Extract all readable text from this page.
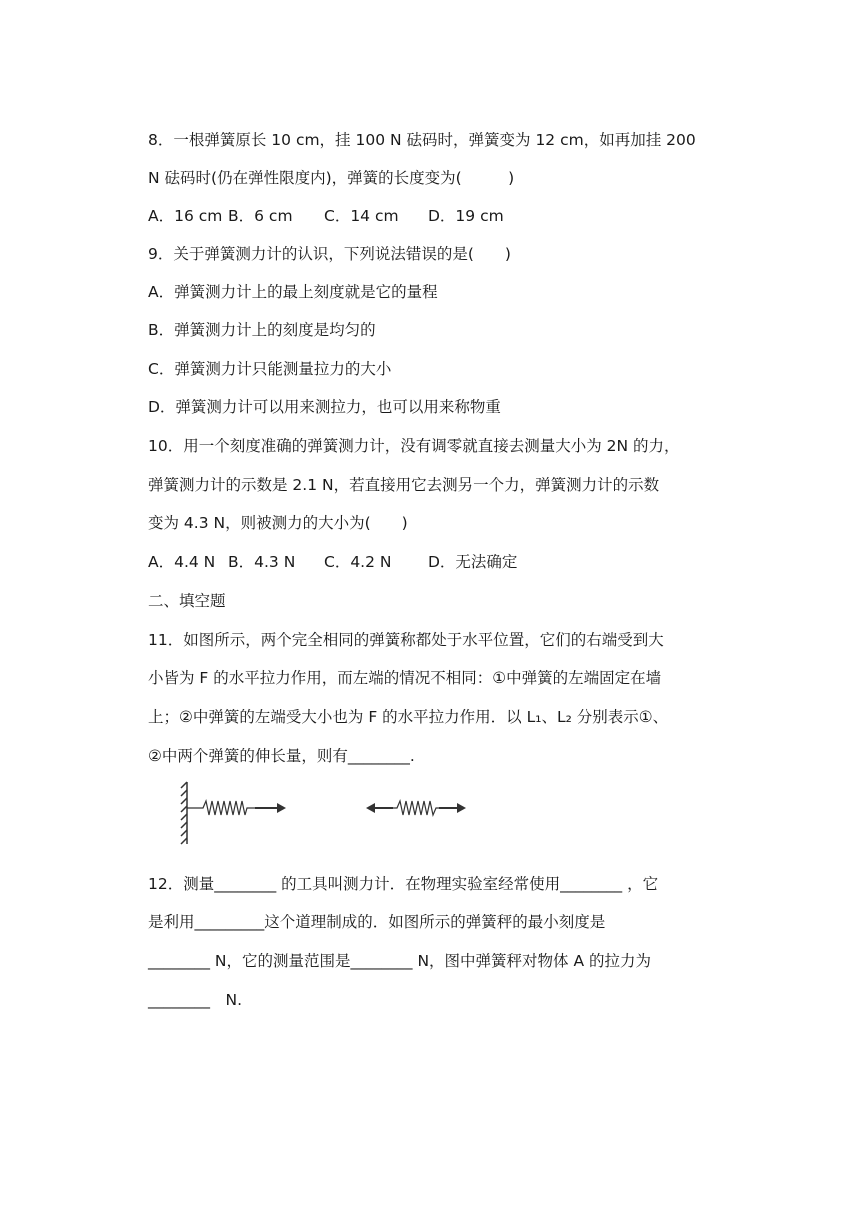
8．一根弹簧原长 10 cm，挂 100 N 砝码时，弹簧变为 12 cm，如再加挂 200
N 砝码时(仍在弹性限度内)，弹簧的长度变为(　　　)
A．16 cm B．6 cm C．14 cm D．19 cm
9．关于弹簧测力计的认识，下列说法错误的是(　　)
A．弹簧测力计上的最上刻度就是它的量程
B．弹簧测力计上的刻度是均匀的
C．弹簧测力计只能测量拉力的大小
D．弹簧测力计可以用来测拉力，也可以用来称物重
10．用一个刻度准确的弹簧测力计，没有调零就直接去测量大小为 2N 的力，
弹簧测力计的示数是 2.1 N，若直接用它去测另一个力，弹簧测力计的示数
变为 4.3 N，则被测力的大小为(　　)
A．4.4 N B．4.3 N C．4.2 N D．无法确定
二、填空题
11．如图所示，两个完全相同的弹簧称都处于水平位置，它们的右端受到大
小皆为 F 的水平拉力作用，而左端的情况不相同：①中弹簧的左端固定在墙
上；②中弹簧的左端受大小也为 F 的水平拉力作用．以 L₁、L₂ 分别表示①、
②中两个弹簧的伸长量，则有________.
12．测量________ 的工具叫测力计．在物理实验室经常使用________ ，它
是利用_________这个道理制成的．如图所示的弹簧秤的最小刻度是
________ N，它的测量范围是________ N，图中弹簧秤对物体 A 的拉力为
________　N.
